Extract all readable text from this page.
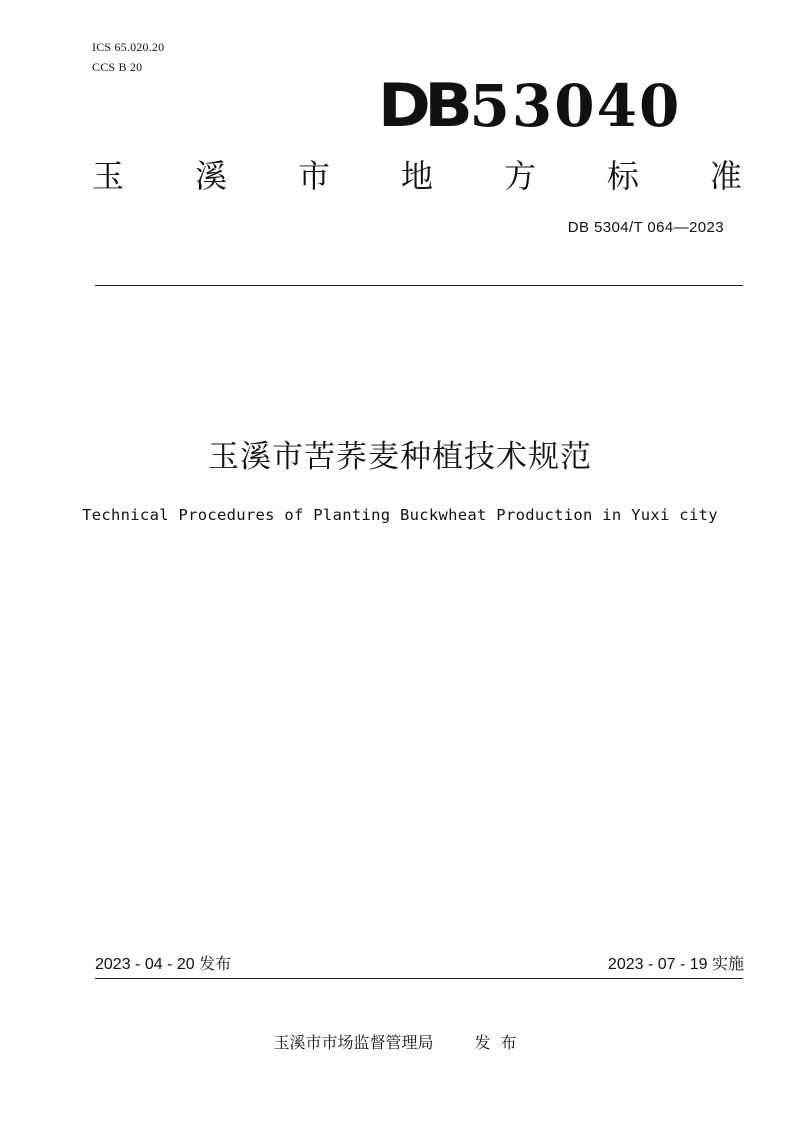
ICS 65.020.20
CCS B 20
DB 53040
玉 溪 市 地 方 标 准
DB 5304/T 064—2023
玉溪市苦荞麦种植技术规范
Technical Procedures of Planting Buckwheat Production in Yuxi city
2023 - 04 - 20 发布	2023 - 07 - 19 实施
玉溪市市场监督管理局	发布
